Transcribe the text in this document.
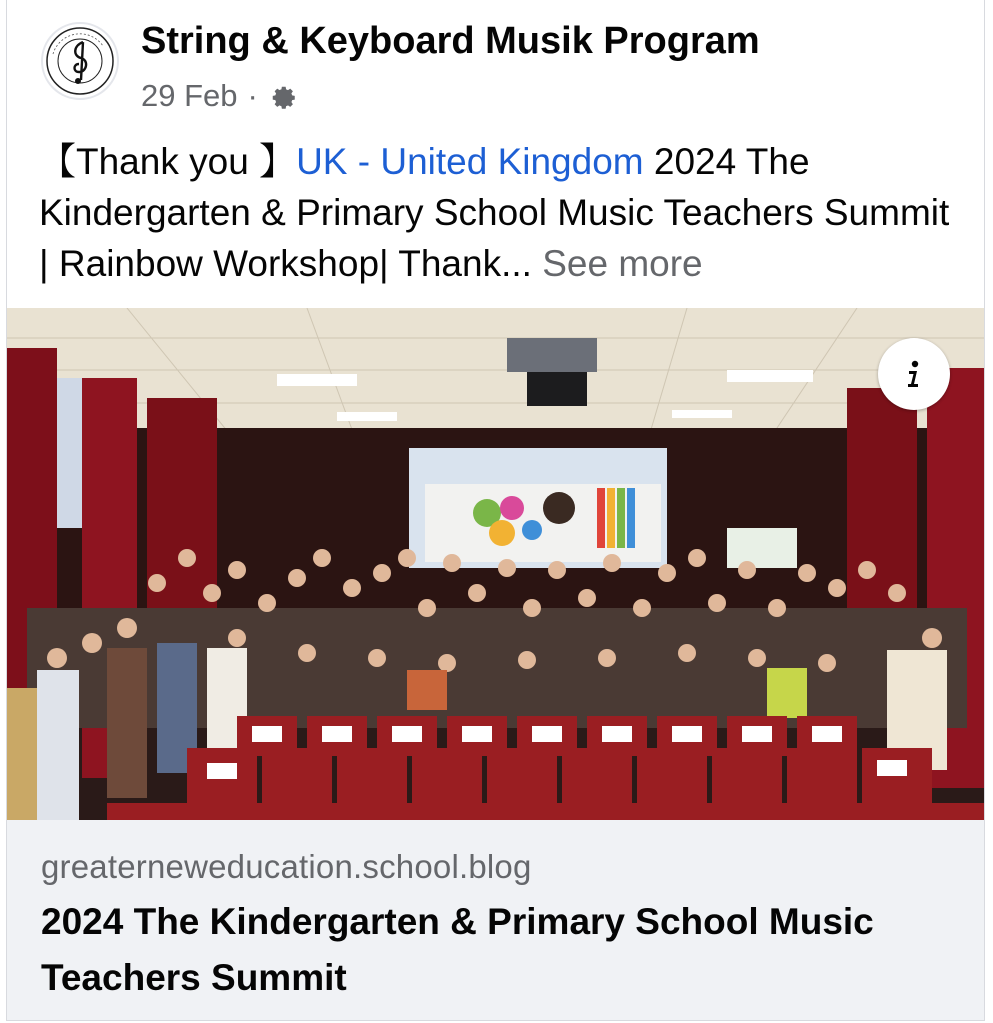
String & Keyboard Musik Program
29 Feb ·
【Thank you 】UK - United Kingdom 2024 The Kindergarten & Primary School Music Teachers Summit | Rainbow Workshop| Thank... See more
greaterneweducation.school.blog
2024 The Kindergarten & Primary School Music Teachers Summit
